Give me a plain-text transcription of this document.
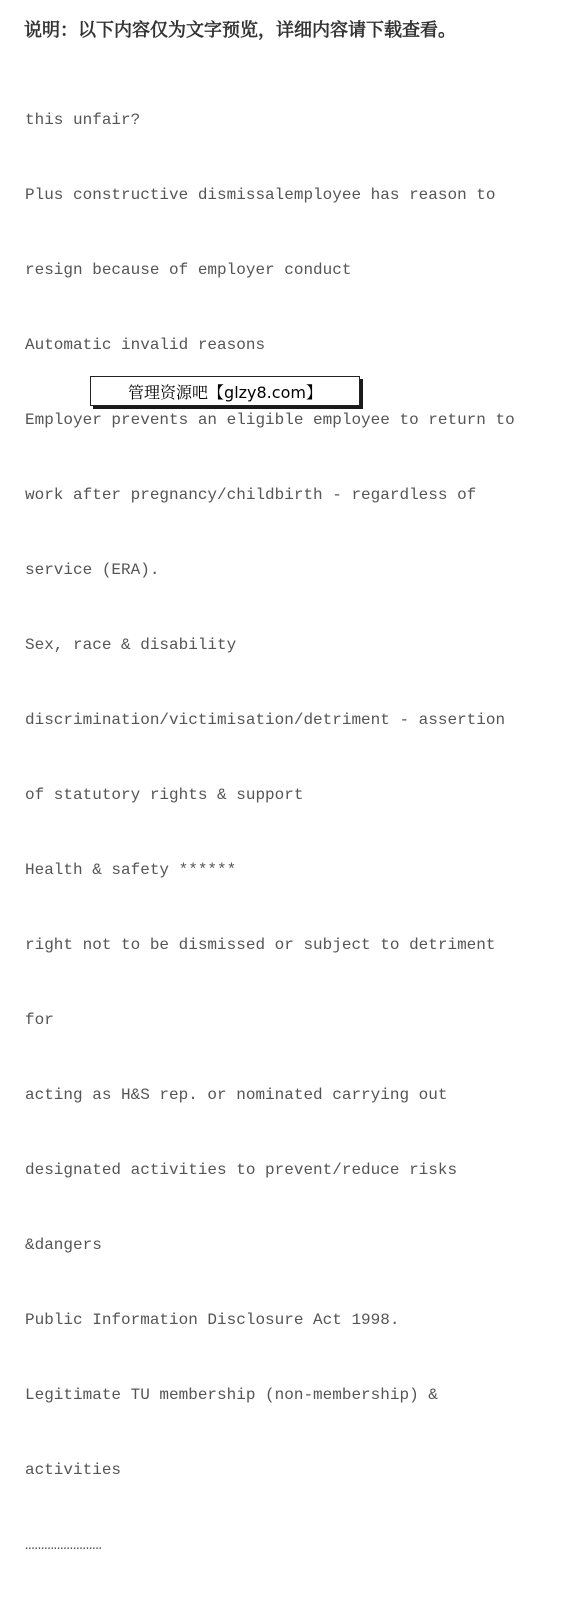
说明：以下内容仅为文字预览，详细内容请下载查看。

this unfair?

Plus constructive dismissalemployee has reason to

resign because of employer conduct

Automatic invalid reasons

Employer prevents an eligible employee to return to

work after pregnancy/childbirth - regardless of

service (ERA).

Sex, race & disability

discrimination/victimisation/detriment - assertion

of statutory rights & support

Health & safety ******

right not to be dismissed or subject to detriment

for

acting as H&S rep. or nominated carrying out

designated activities to prevent/reduce risks

&dangers

Public Information Disclosure Act 1998.

Legitimate TU membership (non-membership) &

activities

……………………

管理资源吧【glzy8.com】
